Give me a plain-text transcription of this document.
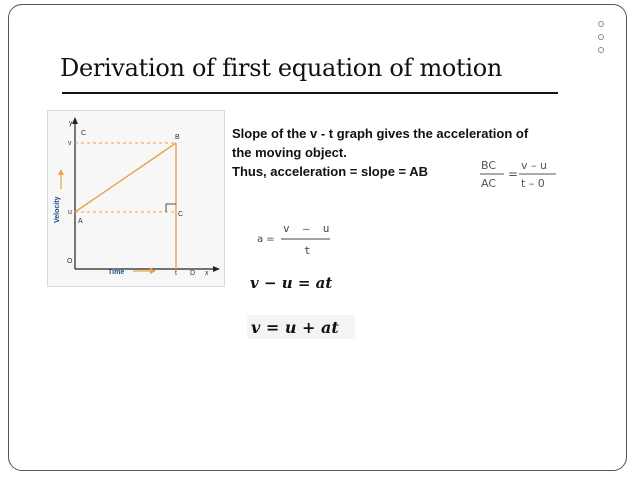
Derivation of first equation of motion
y
C
B
v
u
A
C
O
t D x
Time
Velocity
Slope of the v - t graph gives the acceleration of
the moving object.
Thus, acceleration = slope = AB	BC
AC
=
v – u
t – 0
a =
v  –  u
t
v − u = at
v = u + at
